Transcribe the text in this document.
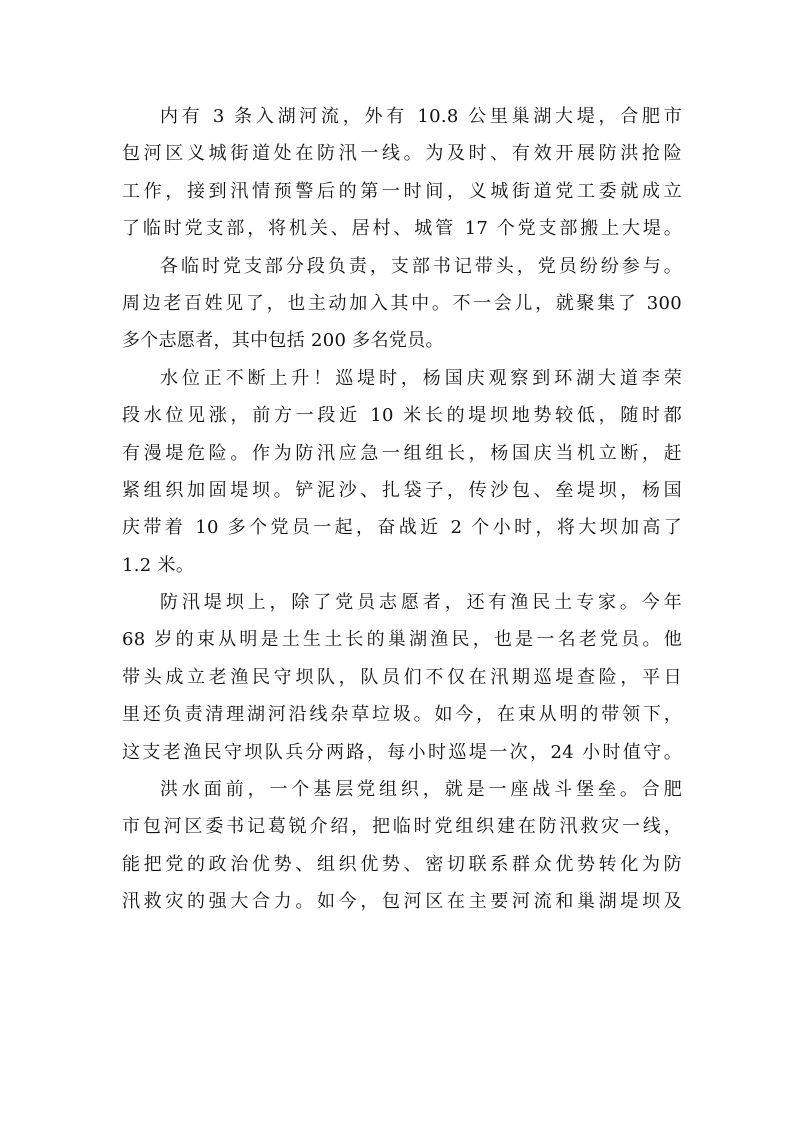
内有 3 条入湖河流，外有 10.8 公里巢湖大堤，合肥市
包河区义城街道处在防汛一线。为及时、有效开展防洪抢险
工作，接到汛情预警后的第一时间，义城街道党工委就成立
了临时党支部，将机关、居村、城管 17 个党支部搬上大堤。
各临时党支部分段负责，支部书记带头，党员纷纷参与。
周边老百姓见了，也主动加入其中。不一会儿，就聚集了 300
多个志愿者，其中包括 200 多名党员。
水位正不断上升！巡堤时，杨国庆观察到环湖大道李荣
段水位见涨，前方一段近 10 米长的堤坝地势较低，随时都
有漫堤危险。作为防汛应急一组组长，杨国庆当机立断，赶
紧组织加固堤坝。铲泥沙、扎袋子，传沙包、垒堤坝，杨国
庆带着 10 多个党员一起，奋战近 2 个小时，将大坝加高了
1.2 米。
防汛堤坝上，除了党员志愿者，还有渔民土专家。今年
68 岁的束从明是土生土长的巢湖渔民，也是一名老党员。他
带头成立老渔民守坝队，队员们不仅在汛期巡堤查险，平日
里还负责清理湖河沿线杂草垃圾。如今，在束从明的带领下，
这支老渔民守坝队兵分两路，每小时巡堤一次，24 小时值守。
洪水面前，一个基层党组织，就是一座战斗堡垒。合肥
市包河区委书记葛锐介绍，把临时党组织建在防汛救灾一线，
能把党的政治优势、组织优势、密切联系群众优势转化为防
汛救灾的强大合力。如今，包河区在主要河流和巢湖堤坝及
